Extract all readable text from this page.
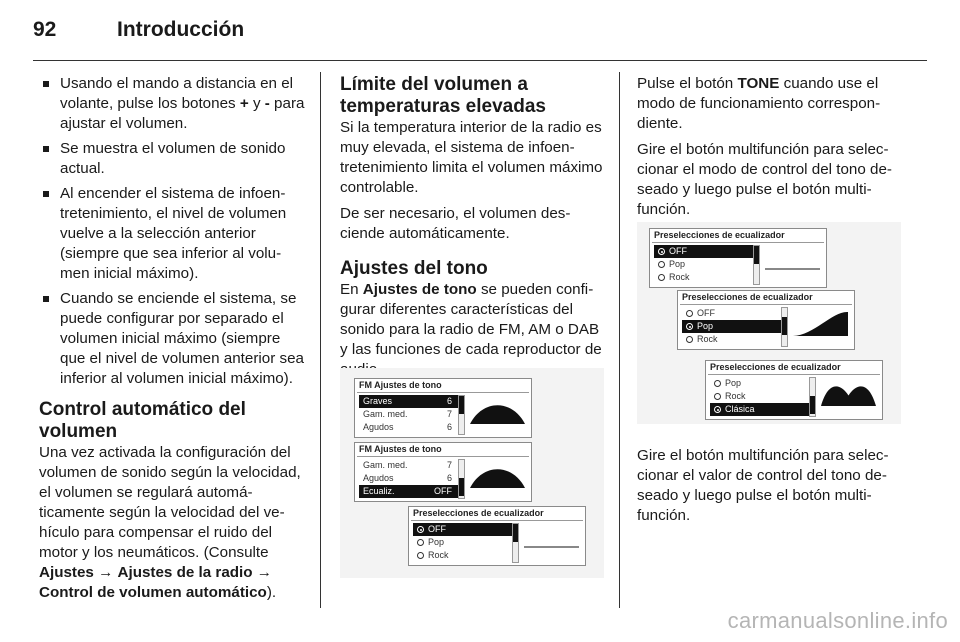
92	Introducción
Usando el mando a distancia en el volante, pulse los botones + y - para ajustar el volumen.
Se muestra el volumen de sonido actual.
Al encender el sistema de infoentretenimiento, el nivel de volumen vuelve a la selección anterior (siempre que sea inferior al volumen inicial máximo).
Cuando se enciende el sistema, se puede configurar por separado el volumen inicial máximo (siempre que el nivel de volumen anterior sea inferior al volumen inicial máximo).
Control automático del volumen

Una vez activada la configuración del volumen de sonido según la velocidad, el volumen se regulará automáticamente según la velocidad del vehículo para compensar el ruido del motor y los neumáticos. (Consulte Ajustes → Ajustes de la radio → Control de volumen automático).

Límite del volumen a temperaturas elevadas

Si la temperatura interior de la radio es muy elevada, el sistema de infoentretenimiento limita el volumen máximo controlable.

De ser necesario, el volumen desciende automáticamente.

Ajustes del tono

En Ajustes de tono se pueden configurar diferentes características del sonido para la radio de FM, AM o DAB y las funciones de cada reproductor de

FM Ajustes de tono
Graves	6
Gam. med.	7
Agudos	6
FM Ajustes de tono
Gam. med.	7
Agudos	6
Ecualiz.	OFF
Preselecciones de ecualizador
OFF
Pop
Rock

Pulse el botón TONE cuando use el modo de funcionamiento correspondiente.

Gire el botón multifunción para seleccionar el modo de control del tono deseado y luego pulse el botón multifunción.

Preselecciones de ecualizador
OFF
Pop
Rock
Preselecciones de ecualizador
OFF
Pop
Rock
Preselecciones de ecualizador
Pop
Rock
Clásica

Gire el botón multifunción para seleccionar el valor de control del tono deseado y luego pulse el botón multifunción.

carmanualsonline.info
